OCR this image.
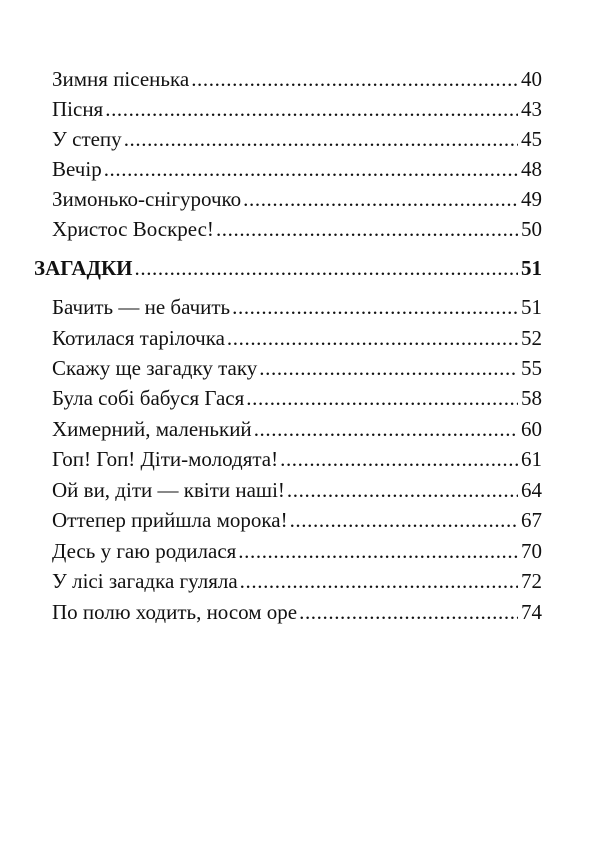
Зимня пісенька .....	40
Пісня .....	43
У степу .....	45
Вечір .....	48
Зимонько-снігурочко .....	49
Христос Воскрес! .....	50
ЗАГАДКИ .....	51
Бачить — не бачить .....	51
Котилася тарілочка .....	52
Скажу ще загадку таку .....	55
Була собі бабуся Гася .....	58
Химерний, маленький .....	60
Гоп! Гоп! Діти-молодята! .....	61
Ой ви, діти — квіти наші! .....	64
Оттепер прийшла морока! .....	67
Десь у гаю родилася .....	70
У лісі загадка гуляла .....	72
По полю ходить, носом оре .....	74
